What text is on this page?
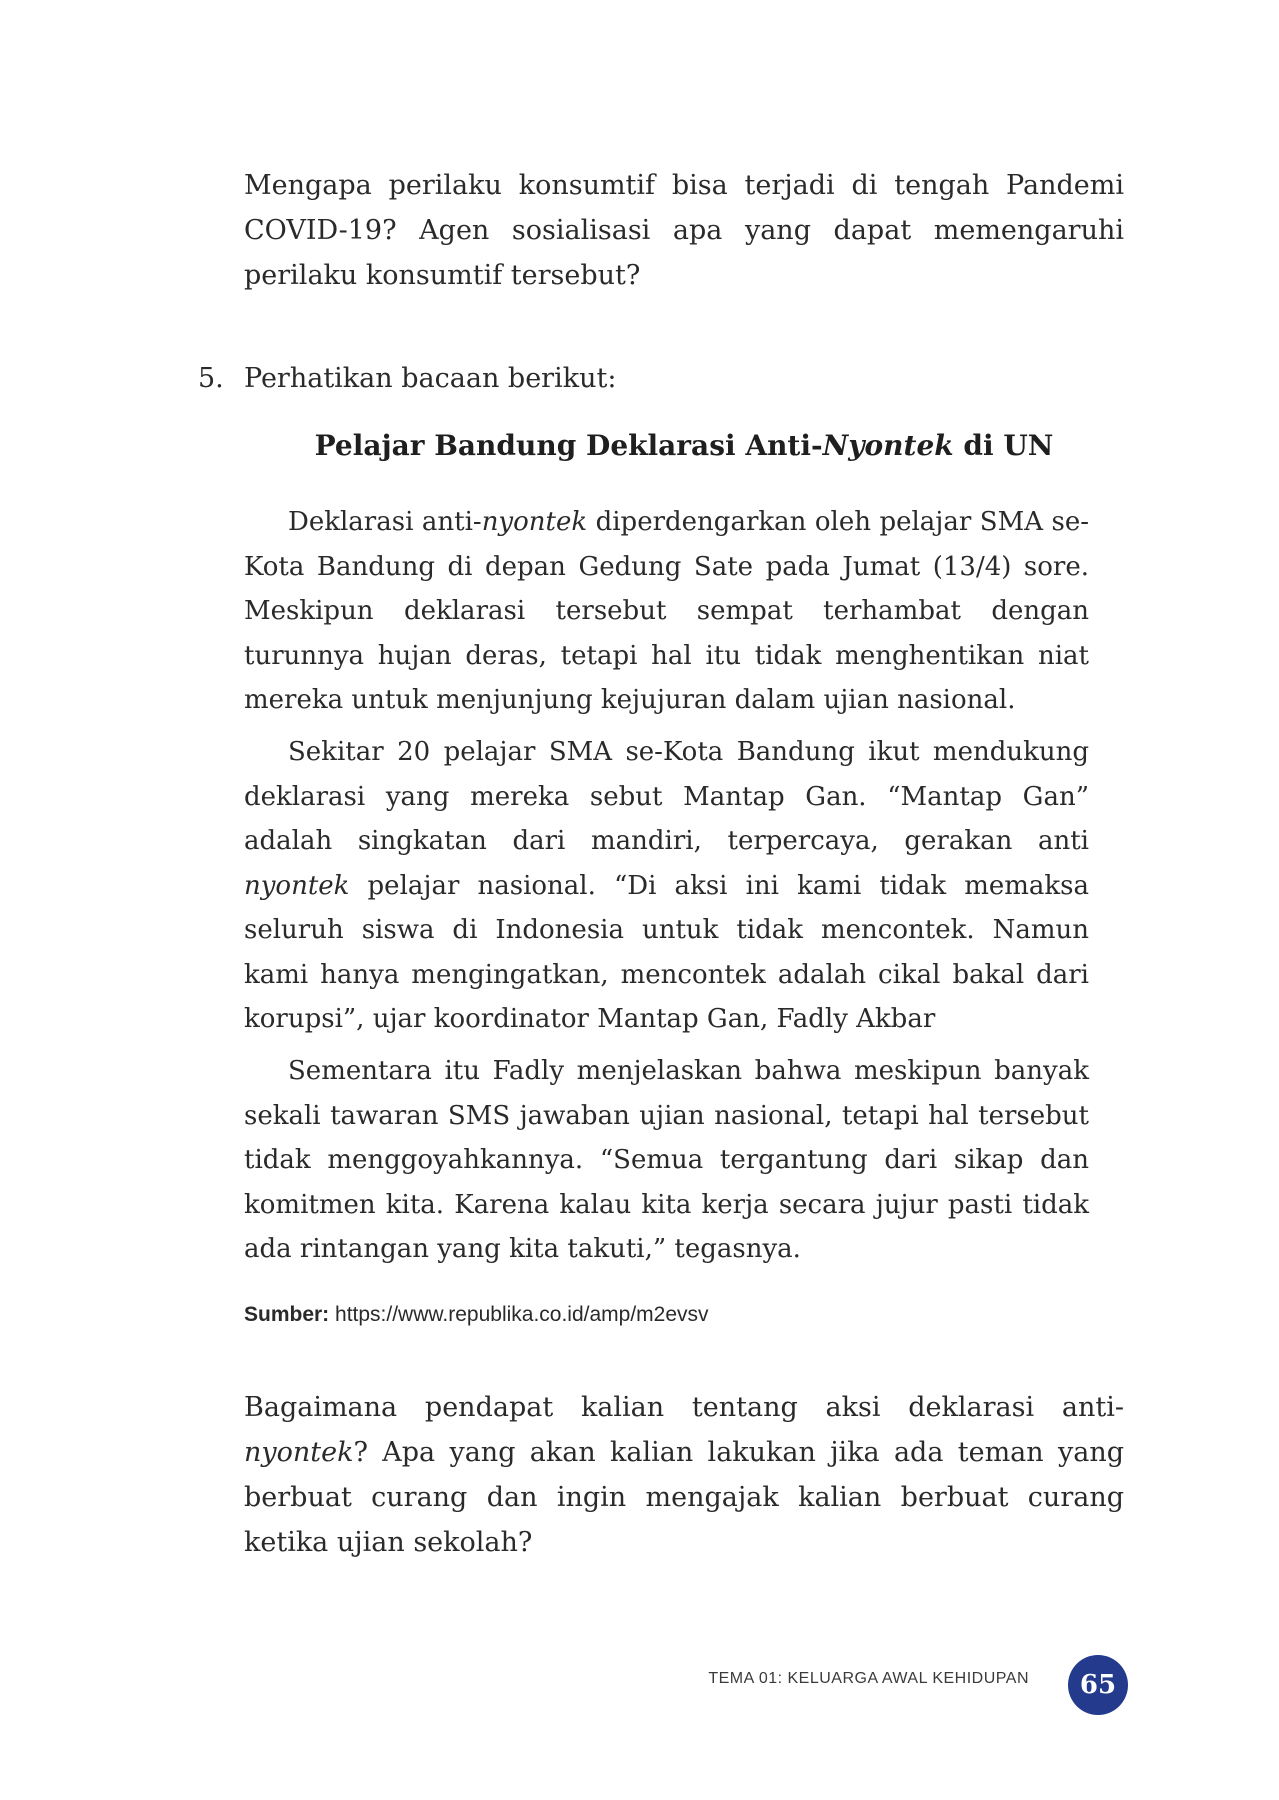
Mengapa perilaku konsumtif bisa terjadi di tengah Pandemi COVID-19? Agen sosialisasi apa yang dapat memengaruhi perilaku konsumtif tersebut?

5. Perhatikan bacaan berikut:
Pelajar Bandung Deklarasi Anti-Nyontek di UN

Deklarasi anti-nyontek diperdengarkan oleh pelajar SMA se-Kota Bandung di depan Gedung Sate pada Jumat (13/4) sore. Meskipun deklarasi tersebut sempat terhambat dengan turunnya hujan deras, tetapi hal itu tidak menghentikan niat mereka untuk menjunjung kejujuran dalam ujian nasional.

Sekitar 20 pelajar SMA se-Kota Bandung ikut mendukung deklarasi yang mereka sebut Mantap Gan. “Mantap Gan” adalah singkatan dari mandiri, terpercaya, gerakan anti nyontek pelajar nasional. “Di aksi ini kami tidak memaksa seluruh siswa di Indonesia untuk tidak mencontek. Namun kami hanya mengingatkan, mencontek adalah cikal bakal dari korupsi”, ujar koordinator Mantap Gan, Fadly Akbar

Sementara itu Fadly menjelaskan bahwa meskipun banyak sekali tawaran SMS jawaban ujian nasional, tetapi hal tersebut tidak menggoyahkannya. “Semua tergantung dari sikap dan komitmen kita. Karena kalau kita kerja secara jujur pasti tidak ada rintangan yang kita takuti,” tegasnya.

Sumber: https://www.republika.co.id/amp/m2evsv

Bagaimana pendapat kalian tentang aksi deklarasi anti-nyontek? Apa yang akan kalian lakukan jika ada teman yang berbuat curang dan ingin mengajak kalian berbuat curang ketika ujian sekolah?

TEMA 01: KELUARGA AWAL KEHIDUPAN	65
